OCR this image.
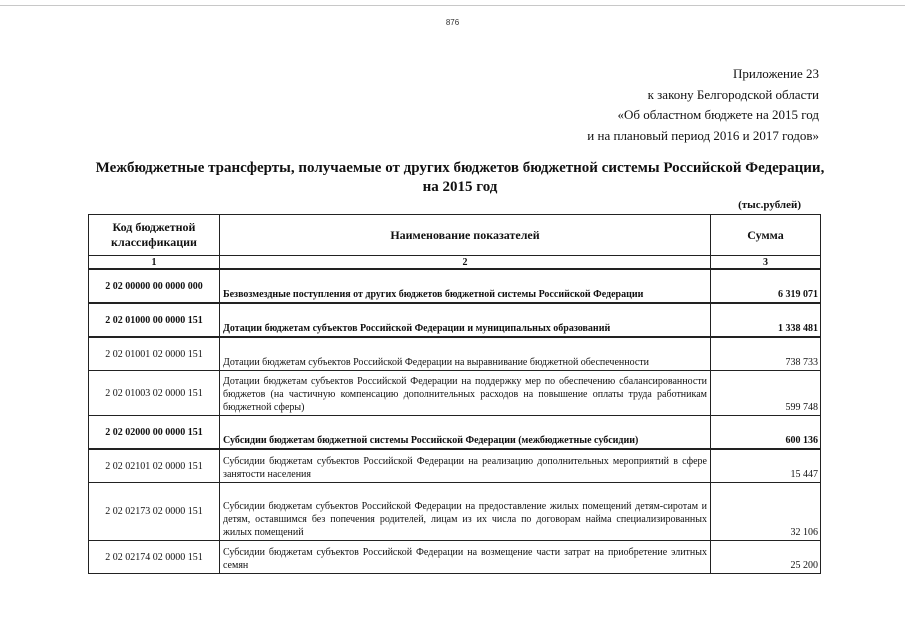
876
Приложение 23
к закону Белгородской области
«Об областном бюджете на 2015 год
и на плановый период 2016 и 2017 годов»
Межбюджетные трансферты, получаемые от других бюджетов бюджетной системы Российской Федерации,
на 2015 год
(тыс.рублей)
Код бюджетной классификации	Наименование показателей	Сумма
1	2	3
2 02 00000 00 0000 000	Безвозмездные поступления от других бюджетов бюджетной системы Российской Федерации	6 319 071
2 02 01000 00 0000 151	Дотации бюджетам субъектов Российской Федерации и муниципальных образований	1 338 481
2 02 01001 02 0000 151	Дотации бюджетам субъектов Российской Федерации на выравнивание бюджетной обеспеченности	738 733
2 02 01003 02 0000 151	Дотации бюджетам субъектов Российской Федерации на поддержку мер по обеспечению сбалансированности бюджетов (на частичную компенсацию дополнительных расходов на повышение оплаты труда работникам бюджетной сферы)	599 748
2 02 02000 00 0000 151	Субсидии бюджетам бюджетной системы Российской Федерации (межбюджетные субсидии)	600 136
2 02 02101 02 0000 151	Субсидии бюджетам субъектов Российской Федерации на реализацию дополнительных мероприятий в сфере занятости населения	15 447
2 02 02173 02 0000 151	Субсидии бюджетам субъектов Российской Федерации на предоставление жилых помещений детям-сиротам и детям, оставшимся без попечения родителей, лицам из их числа по договорам найма специализированных жилых помещений	32 106
2 02 02174 02 0000 151	Субсидии бюджетам субъектов Российской Федерации на возмещение части затрат на приобретение элитных семян	25 200
